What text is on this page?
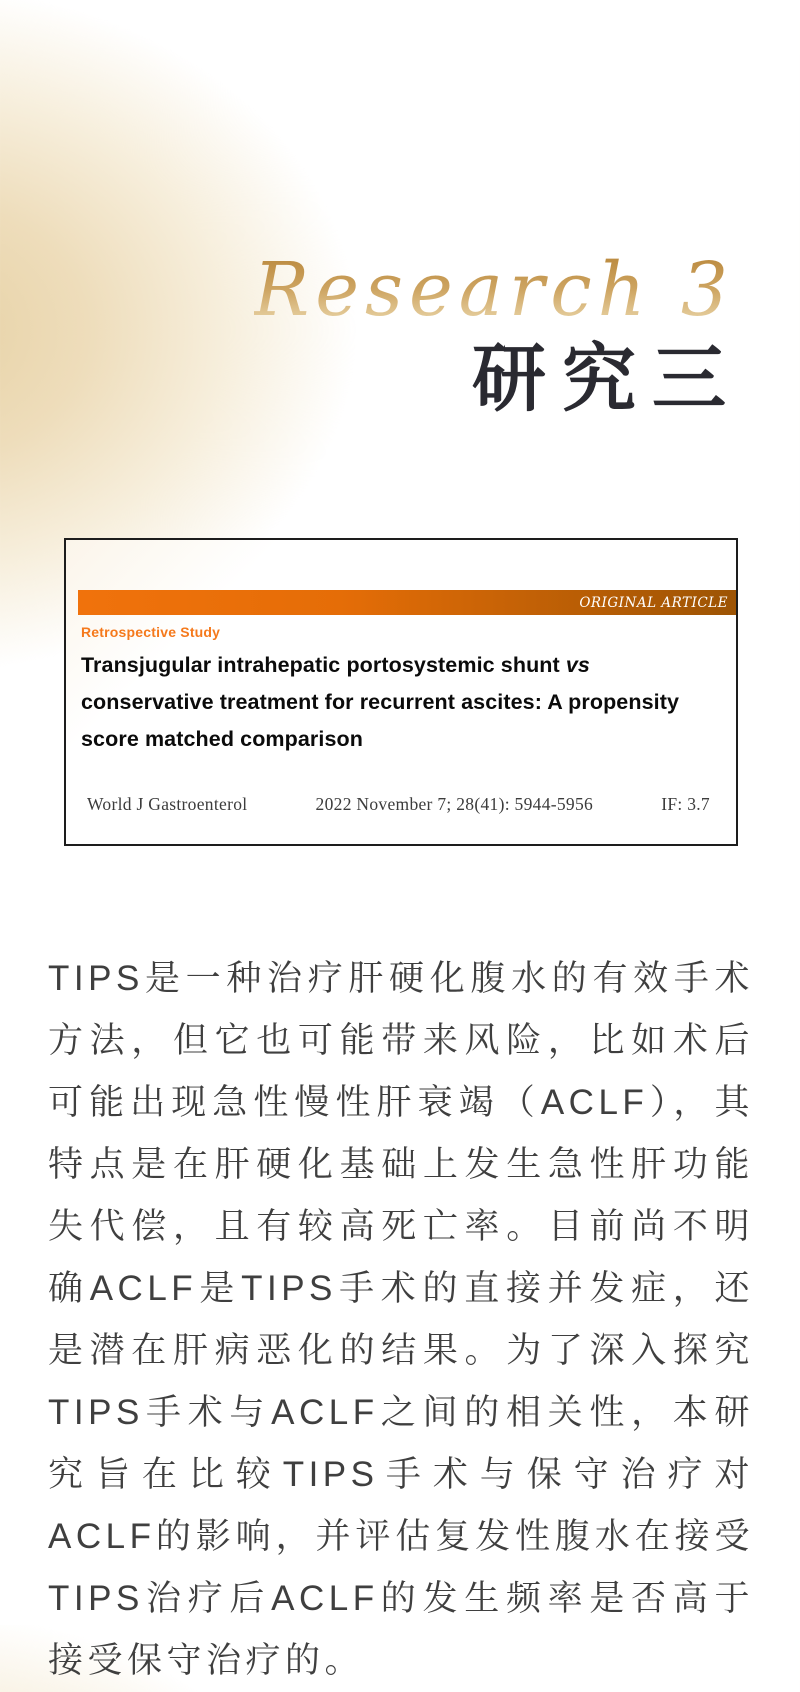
Research 3
研究三
ORIGINAL ARTICLE
Retrospective Study
Transjugular intrahepatic portosystemic shunt vs conservative treatment for recurrent ascites: A propensity score matched comparison
World J Gastroenterol	2022 November 7; 28(41): 5944-5956	IF: 3.7
TIPS是一种治疗肝硬化腹水的有效手术方法，但它也可能带来风险，比如术后可能出现急性慢性肝衰竭（ACLF），其特点是在肝硬化基础上发生急性肝功能失代偿，且有较高死亡率。目前尚不明确ACLF是TIPS手术的直接并发症，还是潜在肝病恶化的结果。为了深入探究TIPS手术与ACLF之间的相关性，本研究旨在比较TIPS手术与保守治疗对ACLF的影响，并评估复发性腹水在接受TIPS治疗后ACLF的发生频率是否高于接受保守治疗的。
